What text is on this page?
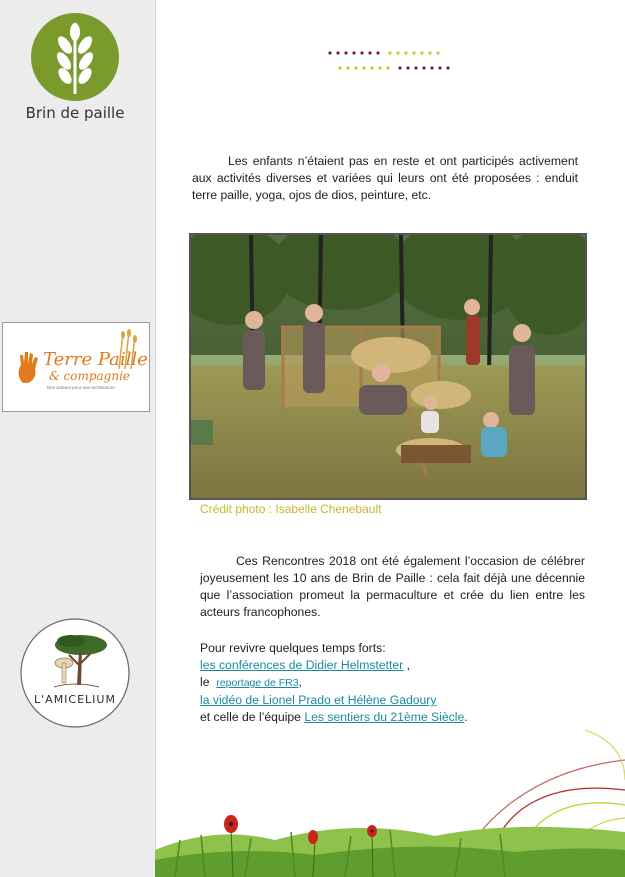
Brin de paille
Terre Paille
& compagnie
Des acteurs pour une architecture
L'AMICELIUM
Les enfants n’étaient pas en reste et ont participés activement aux activités diverses et variées qui leurs ont été proposées : enduit terre paille, yoga, ojos de dios, peinture, etc.
Crédit photo : Isabelle Chenebault
Ces Rencontres 2018 ont été également l’occasion de célébrer joyeusement les 10 ans de Brin de Paille : cela fait déjà une décennie que l’association promeut la permaculture et crée du lien entre les acteurs francophones.
Pour revivre quelques temps forts:
les conférences de Didier Helmstetter ,
le  reportage de FR3,
la vidéo de Lionel Prado et Hélène Gadoury
et celle de l’équipe Les sentiers du 21ème Siècle.
